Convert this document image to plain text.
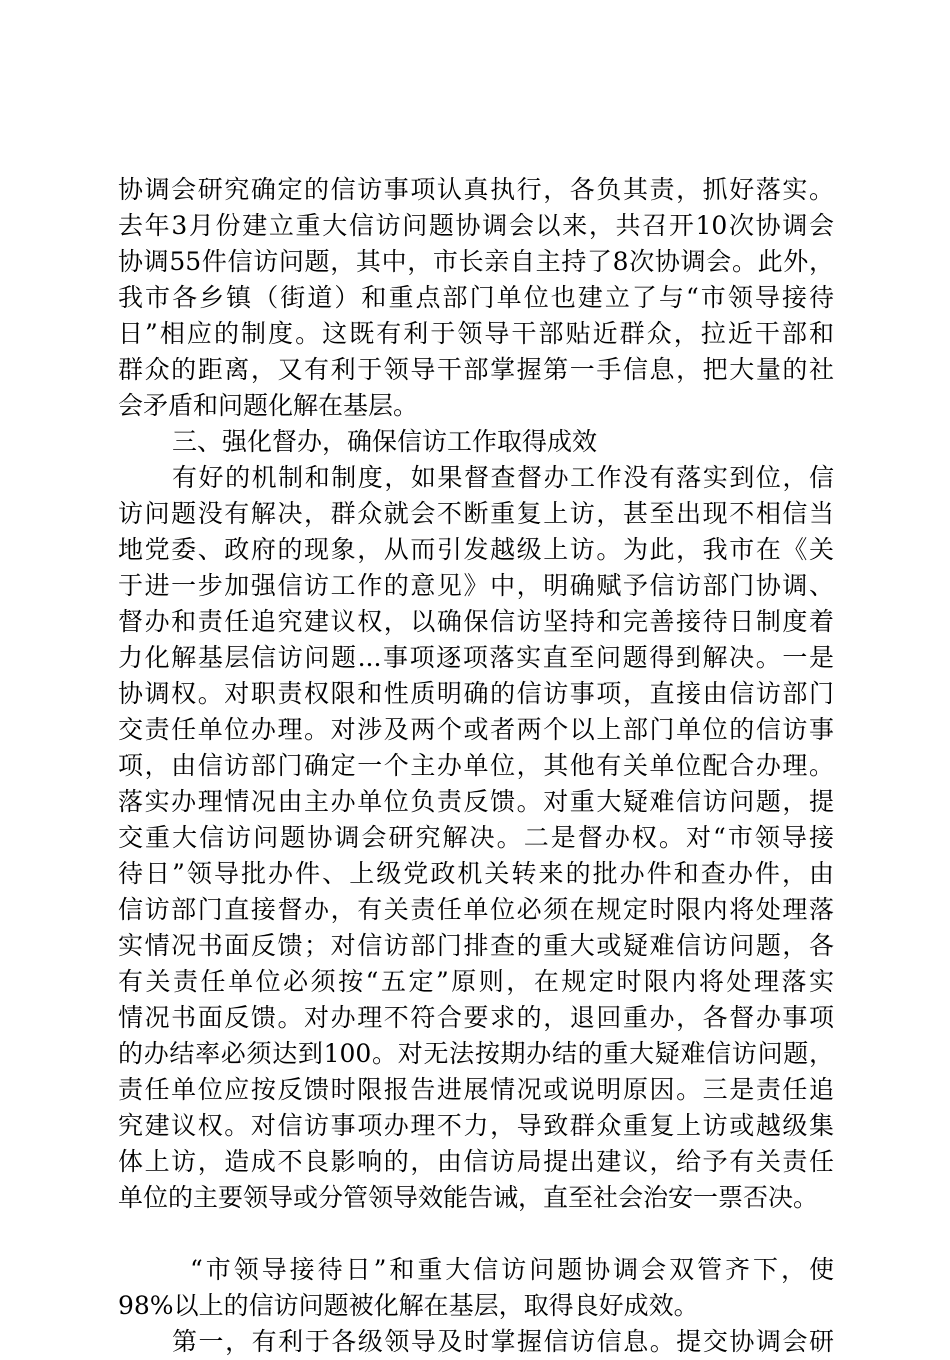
协调会研究确定的信访事项认真执行，各负其责，抓好落实。
去年3月份建立重大信访问题协调会以来，共召开10次协调会
协调55件信访问题，其中，市长亲自主持了8次协调会。此外，
我市各乡镇（街道）和重点部门单位也建立了与“市领导接待
日”相应的制度。这既有利于领导干部贴近群众，拉近干部和
群众的距离，又有利于领导干部掌握第一手信息，把大量的社
会矛盾和问题化解在基层。
三、强化督办，确保信访工作取得成效
有好的机制和制度，如果督查督办工作没有落实到位，信
访问题没有解决，群众就会不断重复上访，甚至出现不相信当
地党委、政府的现象，从而引发越级上访。为此，我市在《关
于进一步加强信访工作的意见》中，明确赋予信访部门协调、
督办和责任追究建议权，以确保信访坚持和完善接待日制度着
力化解基层信访问题...事项逐项落实直至问题得到解决。一是
协调权。对职责权限和性质明确的信访事项，直接由信访部门
交责任单位办理。对涉及两个或者两个以上部门单位的信访事
项，由信访部门确定一个主办单位，其他有关单位配合办理。
落实办理情况由主办单位负责反馈。对重大疑难信访问题，提
交重大信访问题协调会研究解决。二是督办权。对“市领导接
待日”领导批办件、上级党政机关转来的批办件和查办件，由
信访部门直接督办，有关责任单位必须在规定时限内将处理落
实情况书面反馈；对信访部门排查的重大或疑难信访问题，各
有关责任单位必须按“五定”原则，在规定时限内将处理落实
情况书面反馈。对办理不符合要求的，退回重办，各督办事项
的办结率必须达到100。对无法按期办结的重大疑难信访问题，
责任单位应按反馈时限报告进展情况或说明原因。三是责任追
究建议权。对信访事项办理不力，导致群众重复上访或越级集
体上访，造成不良影响的，由信访局提出建议，给予有关责任
单位的主要领导或分管领导效能告诫，直至社会治安一票否决。
“市领导接待日”和重大信访问题协调会双管齐下，使
98%以上的信访问题被化解在基层，取得良好成效。
第一，有利于各级领导及时掌握信访信息。提交协调会研
